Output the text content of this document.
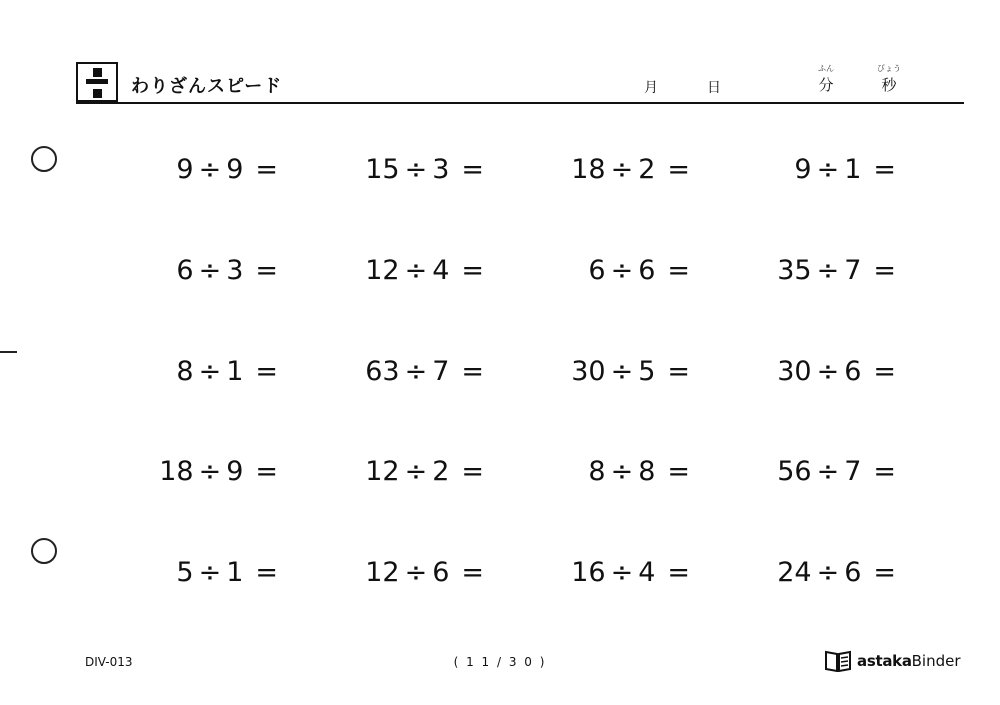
わりざんスピード	月	日
ふん
分
びょう
秒
9 ÷ 9 =	15 ÷ 3 =	18 ÷ 2 =	9 ÷ 1 =
6 ÷ 3 =	12 ÷ 4 =	6 ÷ 6 =	35 ÷ 7 =
8 ÷ 1 =	63 ÷ 7 =	30 ÷ 5 =	30 ÷ 6 =
18 ÷ 9 =	12 ÷ 2 =	8 ÷ 8 =	56 ÷ 7 =
5 ÷ 1 =	12 ÷ 6 =	16 ÷ 4 =	24 ÷ 6 =
DIV-013	( 1 1 / 3 0 )	astaka Binder
